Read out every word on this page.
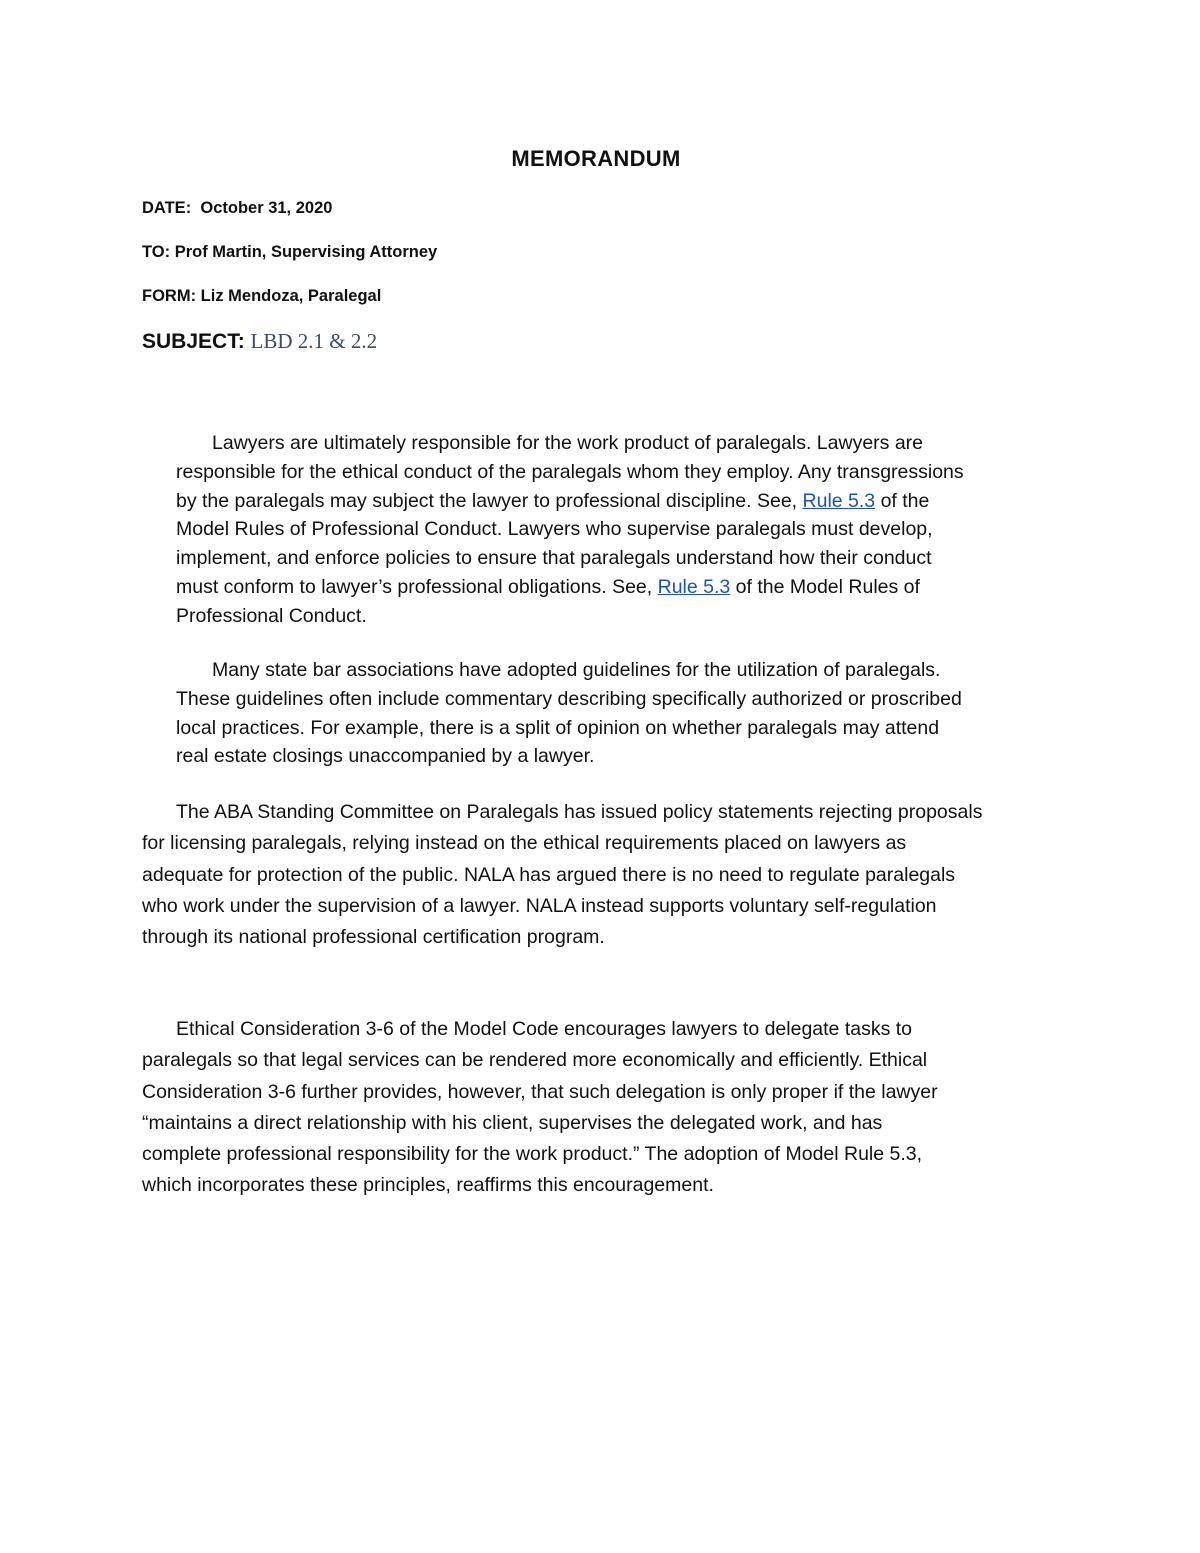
MEMORANDUM
DATE: October 31, 2020
TO: Prof Martin, Supervising Attorney
FORM: Liz Mendoza, Paralegal
SUBJECT: LBD 2.1 & 2.2
Lawyers are ultimately responsible for the work product of paralegals. Lawyers are
responsible for the ethical conduct of the paralegals whom they employ. Any transgressions
by the paralegals may subject the lawyer to professional discipline. See, Rule 5.3 of the
Model Rules of Professional Conduct. Lawyers who supervise paralegals must develop,
implement, and enforce policies to ensure that paralegals understand how their conduct
must conform to lawyer’s professional obligations. See, Rule 5.3 of the Model Rules of
Professional Conduct.
Many state bar associations have adopted guidelines for the utilization of paralegals.
These guidelines often include commentary describing specifically authorized or proscribed
local practices. For example, there is a split of opinion on whether paralegals may attend
real estate closings unaccompanied by a lawyer.
The ABA Standing Committee on Paralegals has issued policy statements rejecting proposals
for licensing paralegals, relying instead on the ethical requirements placed on lawyers as
adequate for protection of the public. NALA has argued there is no need to regulate paralegals
who work under the supervision of a lawyer. NALA instead supports voluntary self-regulation
through its national professional certification program.
Ethical Consideration 3-6 of the Model Code encourages lawyers to delegate tasks to
paralegals so that legal services can be rendered more economically and efficiently. Ethical
Consideration 3-6 further provides, however, that such delegation is only proper if the lawyer
“maintains a direct relationship with his client, supervises the delegated work, and has
complete professional responsibility for the work product.” The adoption of Model Rule 5.3,
which incorporates these principles, reaffirms this encouragement.
